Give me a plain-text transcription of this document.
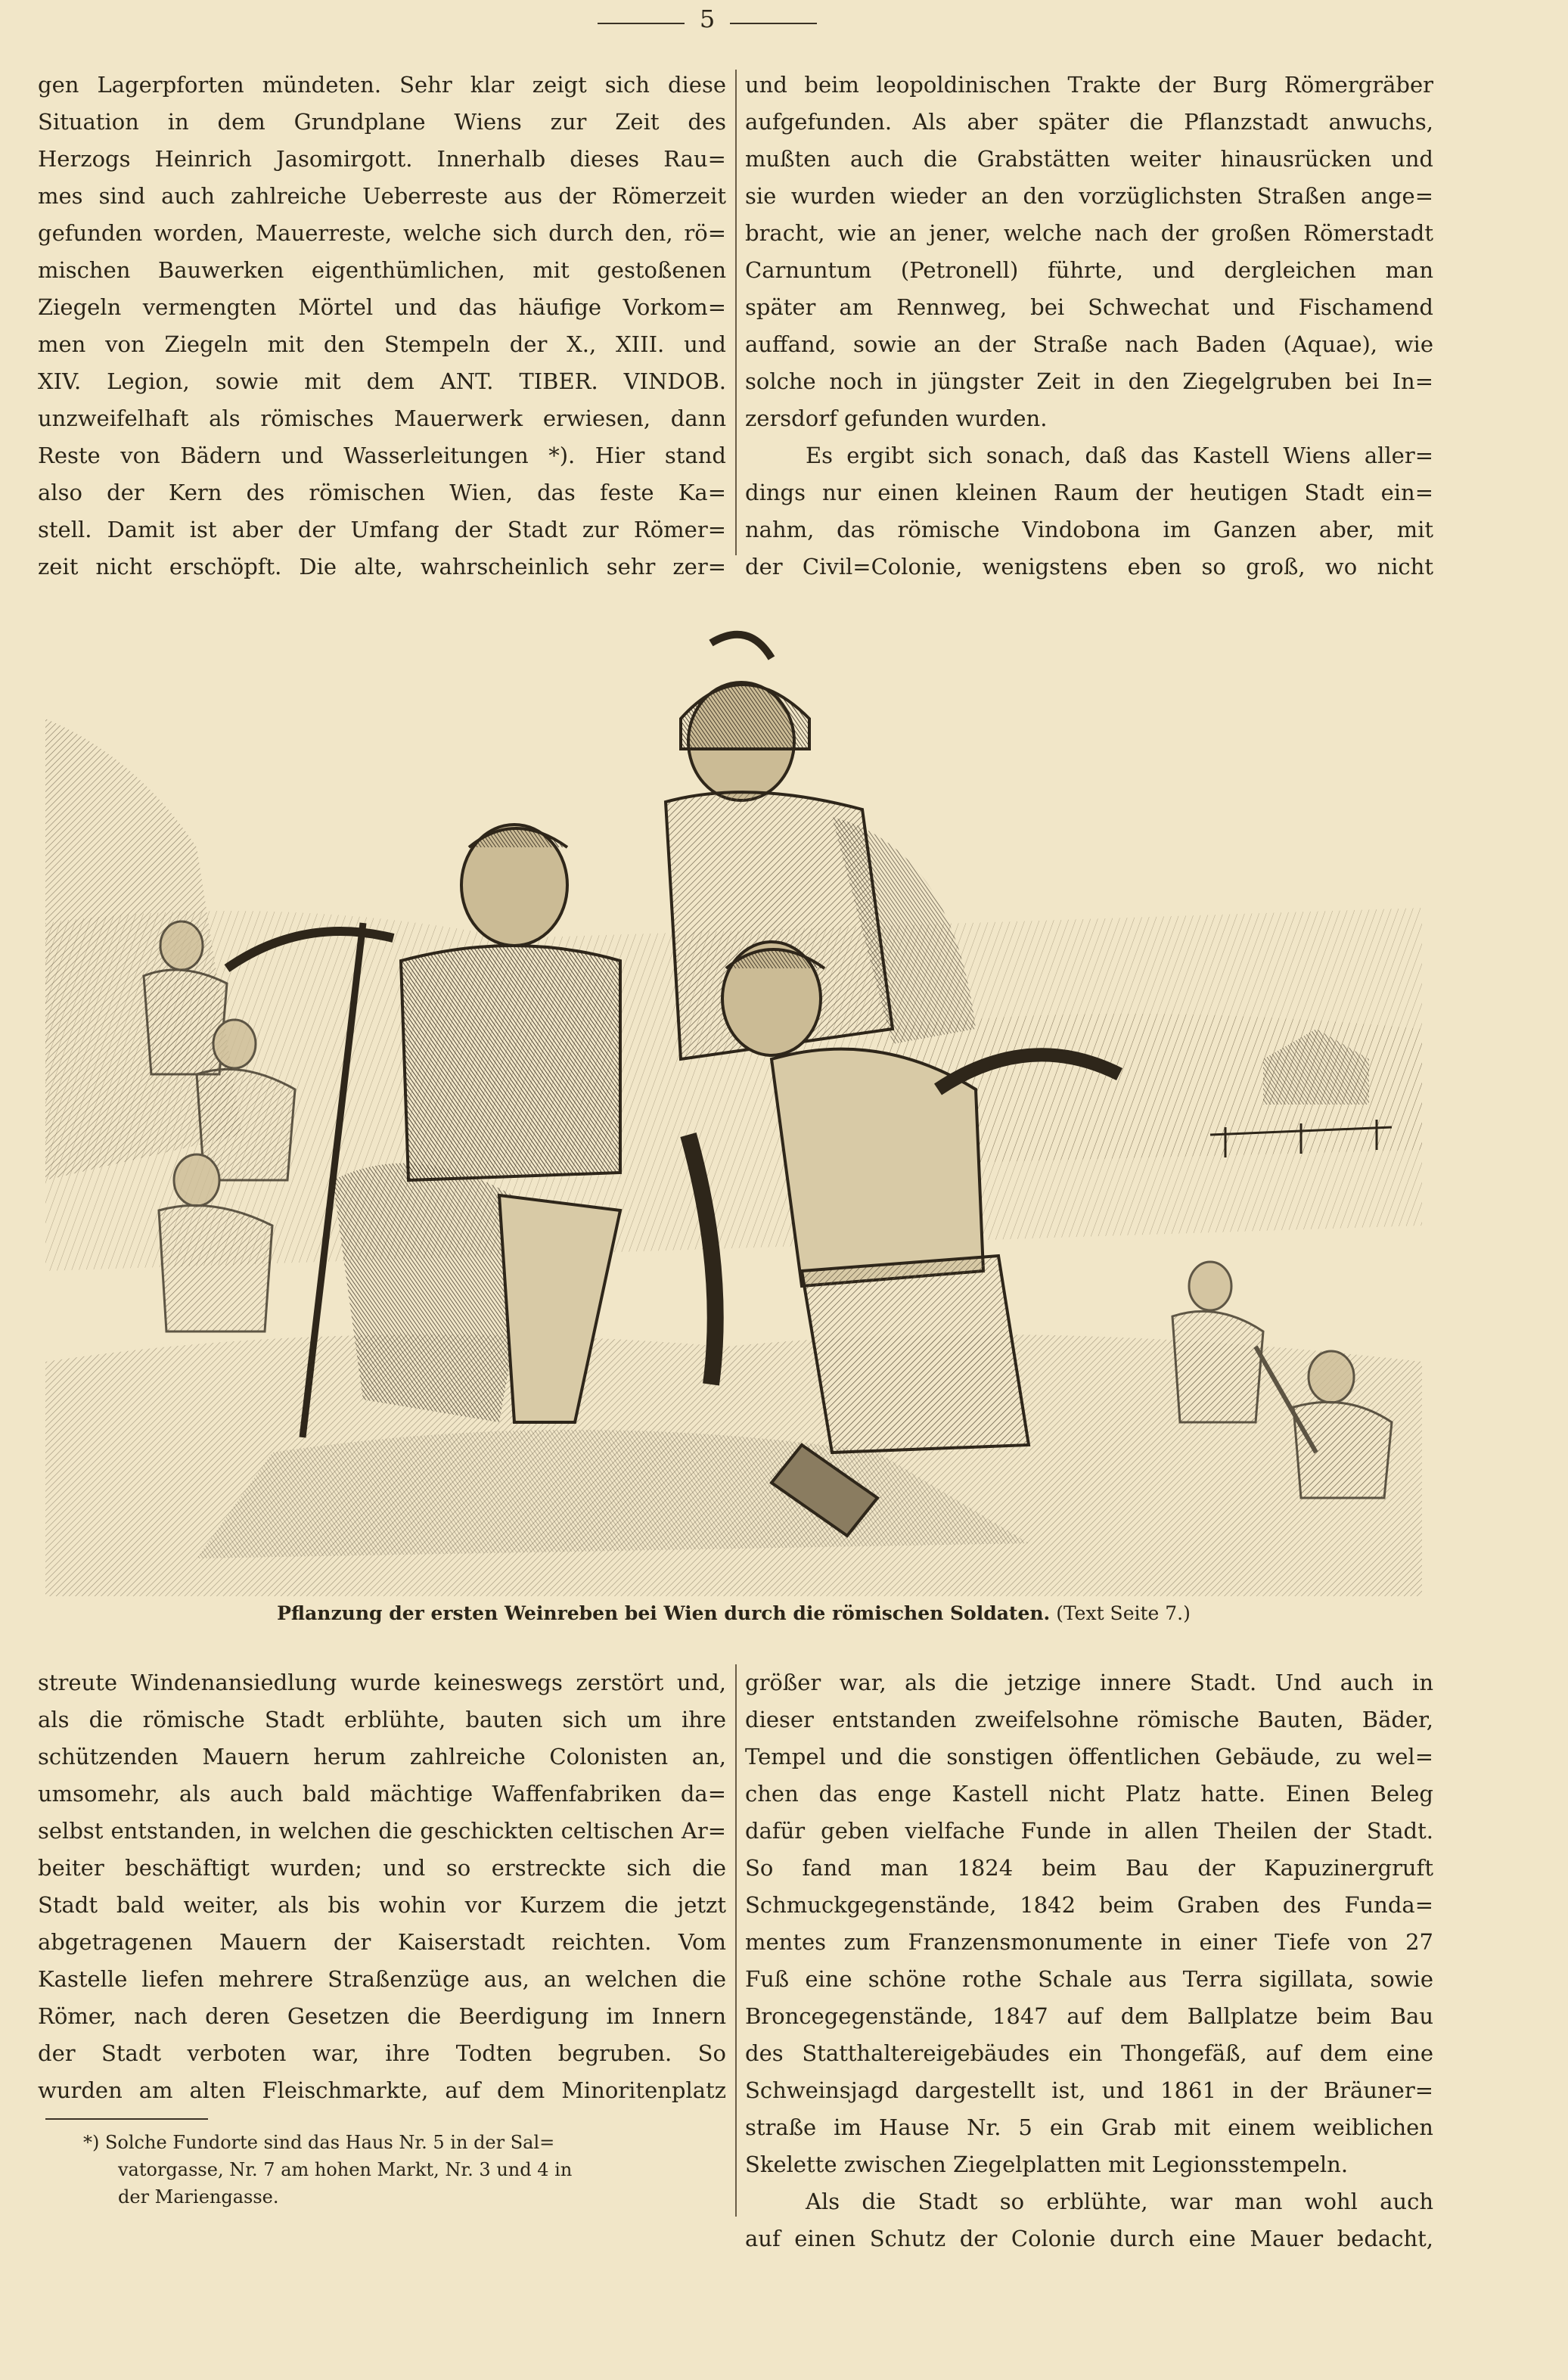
5
gen Lagerpforten mündeten. Sehr klar zeigt sich diese
Situation in dem Grundplane Wiens zur Zeit des
Herzogs Heinrich Jasomirgott. Innerhalb dieses Rau=
mes sind auch zahlreiche Ueberreste aus der Römerzeit
gefunden worden, Mauerreste, welche sich durch den, rö=
mischen Bauwerken eigenthümlichen, mit gestoßenen
Ziegeln vermengten Mörtel und das häufige Vorkom=
men von Ziegeln mit den Stempeln der X., XIII. und
XIV. Legion, sowie mit dem ANT. TIBER. VINDOB.
unzweifelhaft als römisches Mauerwerk erwiesen, dann
Reste von Bädern und Wasserleitungen *). Hier stand
also der Kern des römischen Wien, das feste Ka=
stell. Damit ist aber der Umfang der Stadt zur Römer=
zeit nicht erschöpft. Die alte, wahrscheinlich sehr zer=
und beim leopoldinischen Trakte der Burg Römergräber
aufgefunden. Als aber später die Pflanzstadt anwuchs,
mußten auch die Grabstätten weiter hinausrücken und
sie wurden wieder an den vorzüglichsten Straßen ange=
bracht, wie an jener, welche nach der großen Römerstadt
Carnuntum (Petronell) führte, und dergleichen man
später am Rennweg, bei Schwechat und Fischamend
auffand, sowie an der Straße nach Baden (Aquae), wie
solche noch in jüngster Zeit in den Ziegelgruben bei In=
zersdorf gefunden wurden.
Es ergibt sich sonach, daß das Kastell Wiens aller=
dings nur einen kleinen Raum der heutigen Stadt ein=
nahm, das römische Vindobona im Ganzen aber, mit
der Civil=Colonie, wenigstens eben so groß, wo nicht
Pflanzung der ersten Weinreben bei Wien durch die römischen Soldaten. (Text Seite 7.)
streute Windenansiedlung wurde keineswegs zerstört und,
als die römische Stadt erblühte, bauten sich um ihre
schützenden Mauern herum zahlreiche Colonisten an,
umsomehr, als auch bald mächtige Waffenfabriken da=
selbst entstanden, in welchen die geschickten celtischen Ar=
beiter beschäftigt wurden; und so erstreckte sich die
Stadt bald weiter, als bis wohin vor Kurzem die jetzt
abgetragenen Mauern der Kaiserstadt reichten. Vom
Kastelle liefen mehrere Straßenzüge aus, an welchen die
Römer, nach deren Gesetzen die Beerdigung im Innern
der Stadt verboten war, ihre Todten begruben. So
wurden am alten Fleischmarkte, auf dem Minoritenplatz
größer war, als die jetzige innere Stadt. Und auch in
dieser entstanden zweifelsohne römische Bauten, Bäder,
Tempel und die sonstigen öffentlichen Gebäude, zu wel=
chen das enge Kastell nicht Platz hatte. Einen Beleg
dafür geben vielfache Funde in allen Theilen der Stadt.
So fand man 1824 beim Bau der Kapuzinergruft
Schmuckgegenstände, 1842 beim Graben des Funda=
mentes zum Franzensmonumente in einer Tiefe von 27
Fuß eine schöne rothe Schale aus Terra sigillata, sowie
Broncegegenstände, 1847 auf dem Ballplatze beim Bau
des Statthaltereigebäudes ein Thongefäß, auf dem eine
Schweinsjagd dargestellt ist, und 1861 in der Bräuner=
straße im Hause Nr. 5 ein Grab mit einem weiblichen
Skelette zwischen Ziegelplatten mit Legionsstempeln.
Als die Stadt so erblühte, war man wohl auch
auf einen Schutz der Colonie durch eine Mauer bedacht,
*) Solche Fundorte sind das Haus Nr. 5 in der Sal=
vatorgasse, Nr. 7 am hohen Markt, Nr. 3 und 4 in
der Mariengasse.
